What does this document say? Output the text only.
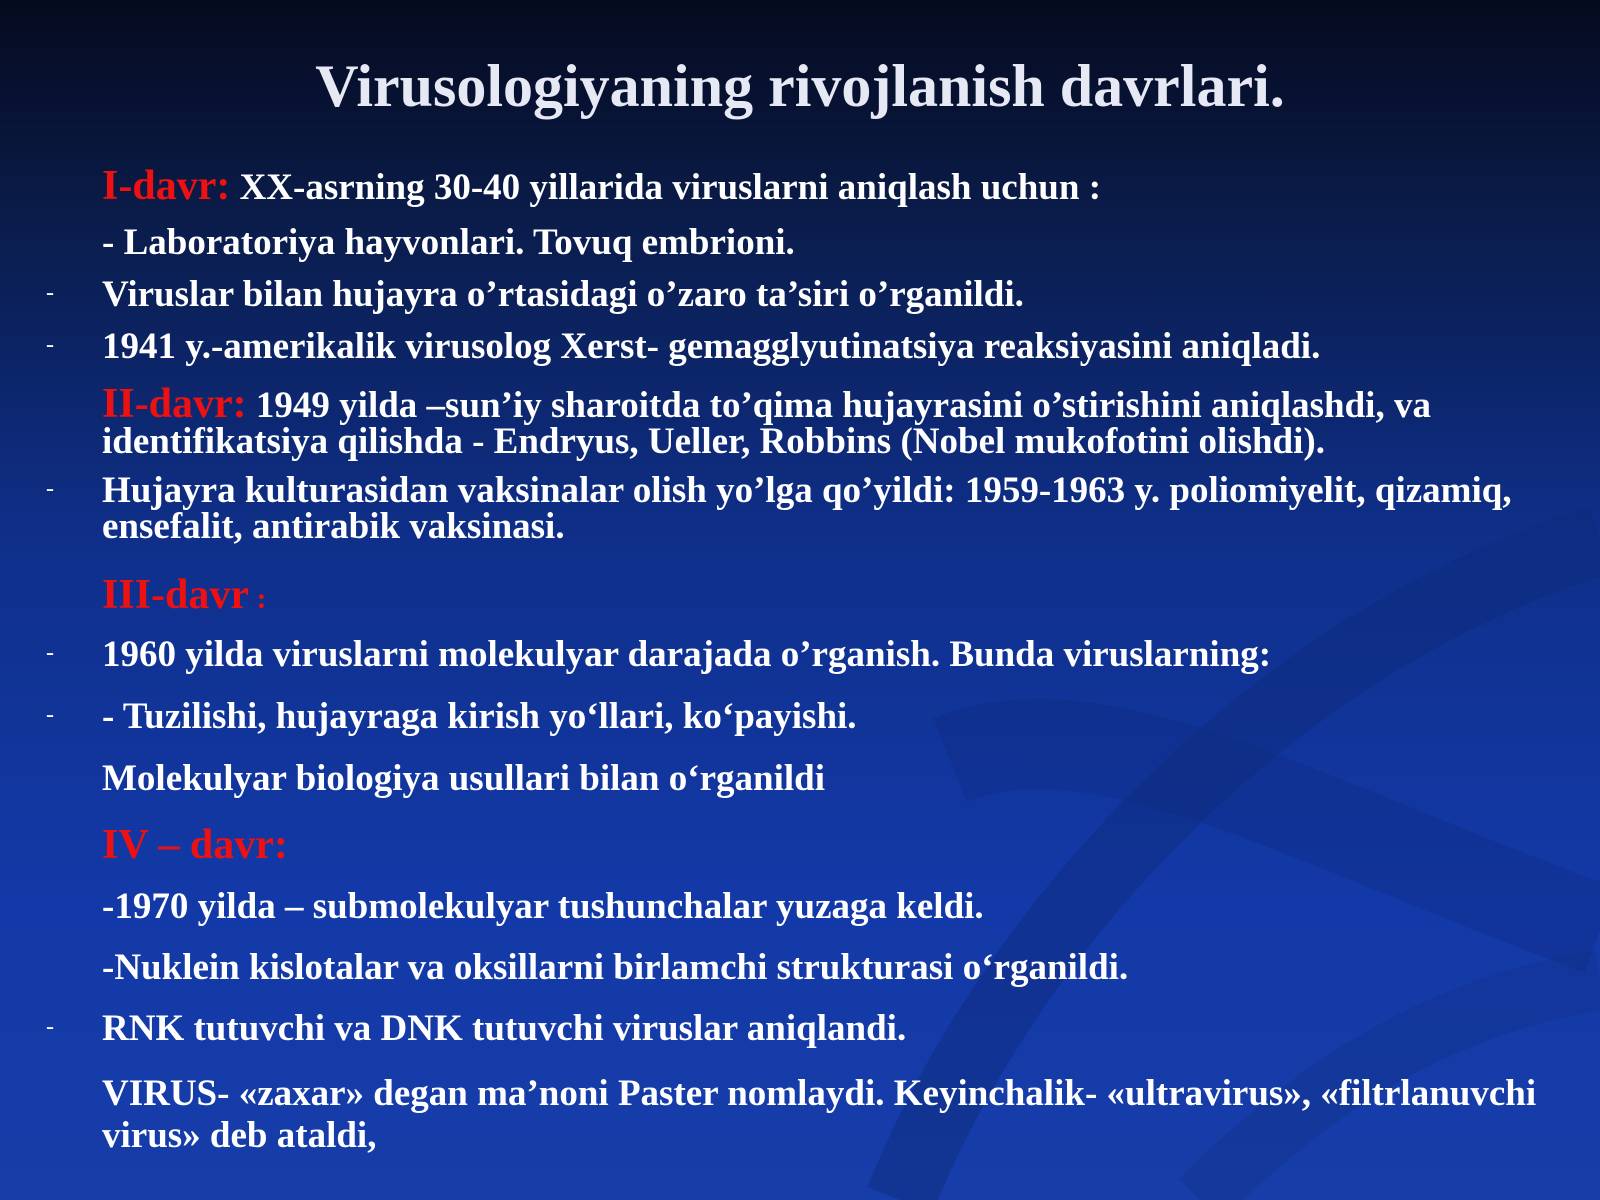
Virusologiyaning rivojlanish davrlari.
I-davr: XX-asrning 30-40 yillarida viruslarni aniqlash uchun :
- Laboratoriya hayvonlari. Tovuq embrioni.
- Viruslar bilan hujayra o’rtasidagi o’zaro ta’siri o’rganildi.
- 1941 y.-amerikalik virusolog Xerst- gemagglyutinatsiya reaksiyasini aniqladi.
II-davr: 1949 yilda –sun’iy sharoitda to’qima hujayrasini o’stirishini aniqlashdi, va identifikatsiya qilishda - Endryus, Ueller, Robbins (Nobel mukofotini olishdi).
- Hujayra kulturasidan vaksinalar olish yo’lga qo’yildi: 1959-1963 y. poliomiyelit, qizamiq, ensefalit, antirabik vaksinasi.
III-davr :
- 1960 yilda viruslarni molekulyar darajada o’rganish. Bunda viruslarning:
- - Tuzilishi, hujayraga kirish yo‘llari, ko‘payishi.
Molekulyar biologiya usullari bilan o‘rganildi
IV – davr:
-1970 yilda – submolekulyar tushunchalar yuzaga keldi.
-Nuklein kislotalar va oksillarni birlamchi strukturasi o‘rganildi.
- RNK tutuvchi va DNK tutuvchi viruslar aniqlandi.
VIRUS- «zaxar» degan ma’noni Paster nomlaydi. Keyinchalik- «ultravirus», «filtrlanuvchi virus» deb ataldi,
